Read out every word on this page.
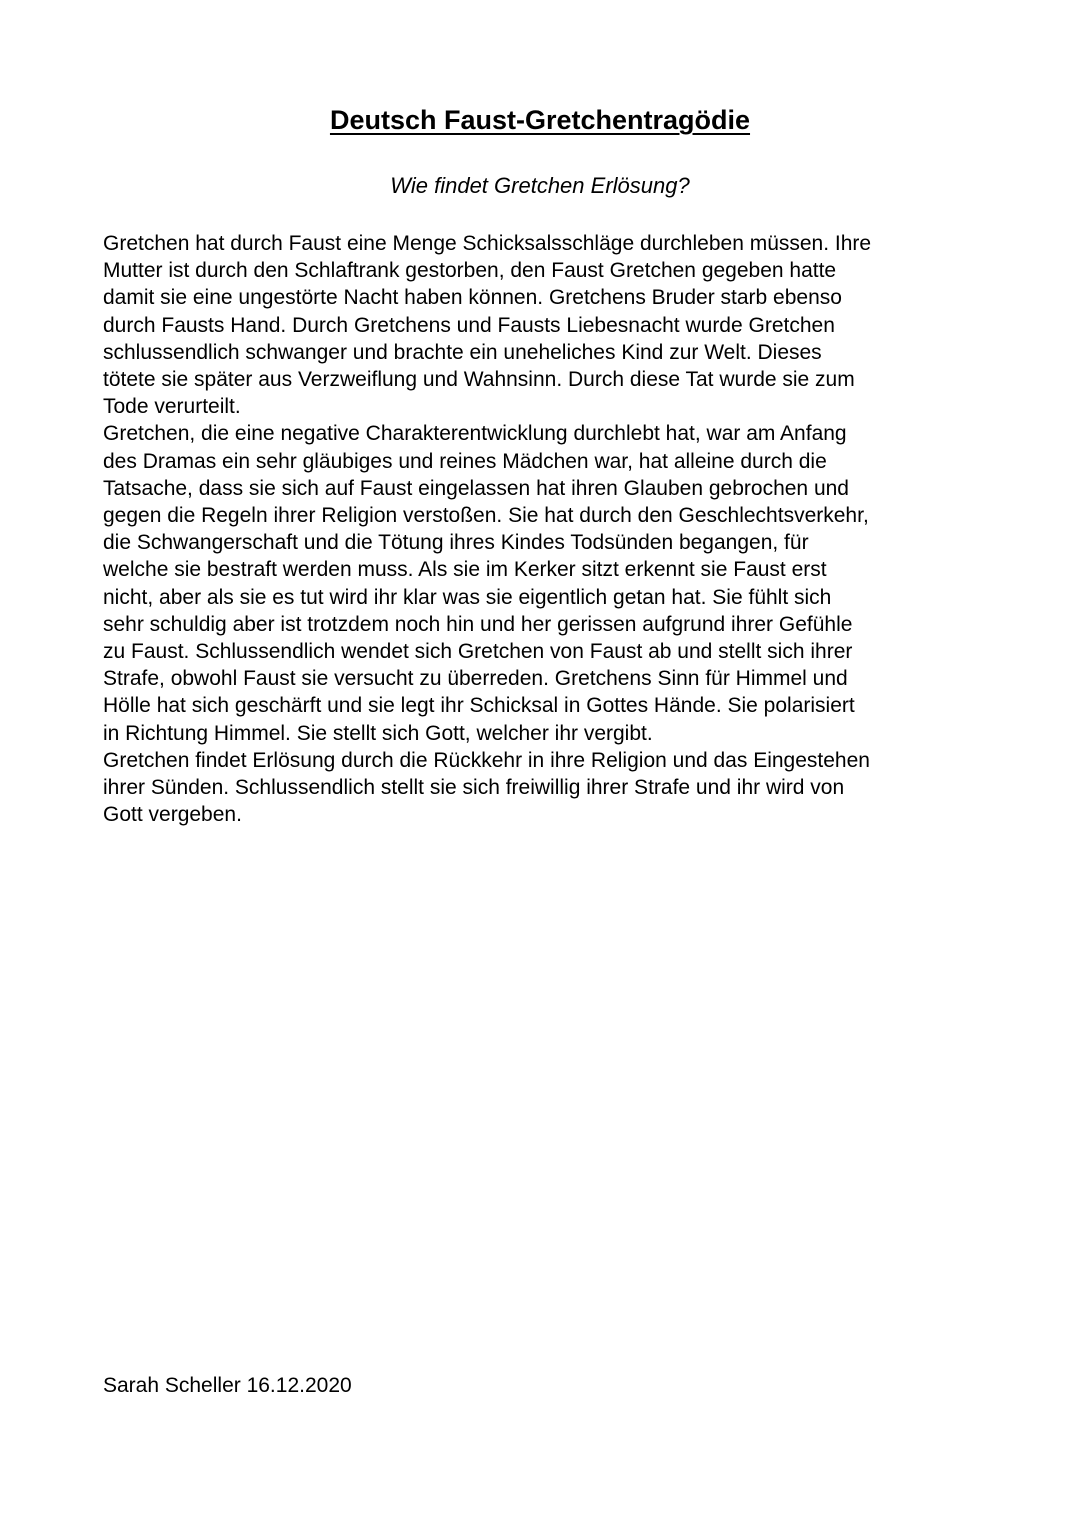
Deutsch Faust-Gretchentragödie
Wie findet Gretchen Erlösung?
Gretchen hat durch Faust eine Menge Schicksalsschläge durchleben müssen. Ihre
Mutter ist durch den Schlaftrank gestorben, den Faust Gretchen gegeben hatte
damit sie eine ungestörte Nacht haben können. Gretchens Bruder starb ebenso
durch Fausts Hand. Durch Gretchens und Fausts Liebesnacht wurde Gretchen
schlussendlich schwanger und brachte ein uneheliches Kind zur Welt. Dieses
tötete sie später aus Verzweiflung und Wahnsinn. Durch diese Tat wurde sie zum
Tode verurteilt.
Gretchen, die eine negative Charakterentwicklung durchlebt hat, war am Anfang
des Dramas ein sehr gläubiges und reines Mädchen war, hat alleine durch die
Tatsache, dass sie sich auf Faust eingelassen hat ihren Glauben gebrochen und
gegen die Regeln ihrer Religion verstoßen. Sie hat durch den Geschlechtsverkehr,
die Schwangerschaft und die Tötung ihres Kindes Todsünden begangen, für
welche sie bestraft werden muss. Als sie im Kerker sitzt erkennt sie Faust erst
nicht, aber als sie es tut wird ihr klar was sie eigentlich getan hat. Sie fühlt sich
sehr schuldig aber ist trotzdem noch hin und her gerissen aufgrund ihrer Gefühle
zu Faust. Schlussendlich wendet sich Gretchen von Faust ab und stellt sich ihrer
Strafe, obwohl Faust sie versucht zu überreden. Gretchens Sinn für Himmel und
Hölle hat sich geschärft und sie legt ihr Schicksal in Gottes Hände. Sie polarisiert
in Richtung Himmel. Sie stellt sich Gott, welcher ihr vergibt.
Gretchen findet Erlösung durch die Rückkehr in ihre Religion und das Eingestehen
ihrer Sünden. Schlussendlich stellt sie sich freiwillig ihrer Strafe und ihr wird von
Gott vergeben.
Sarah Scheller 16.12.2020
